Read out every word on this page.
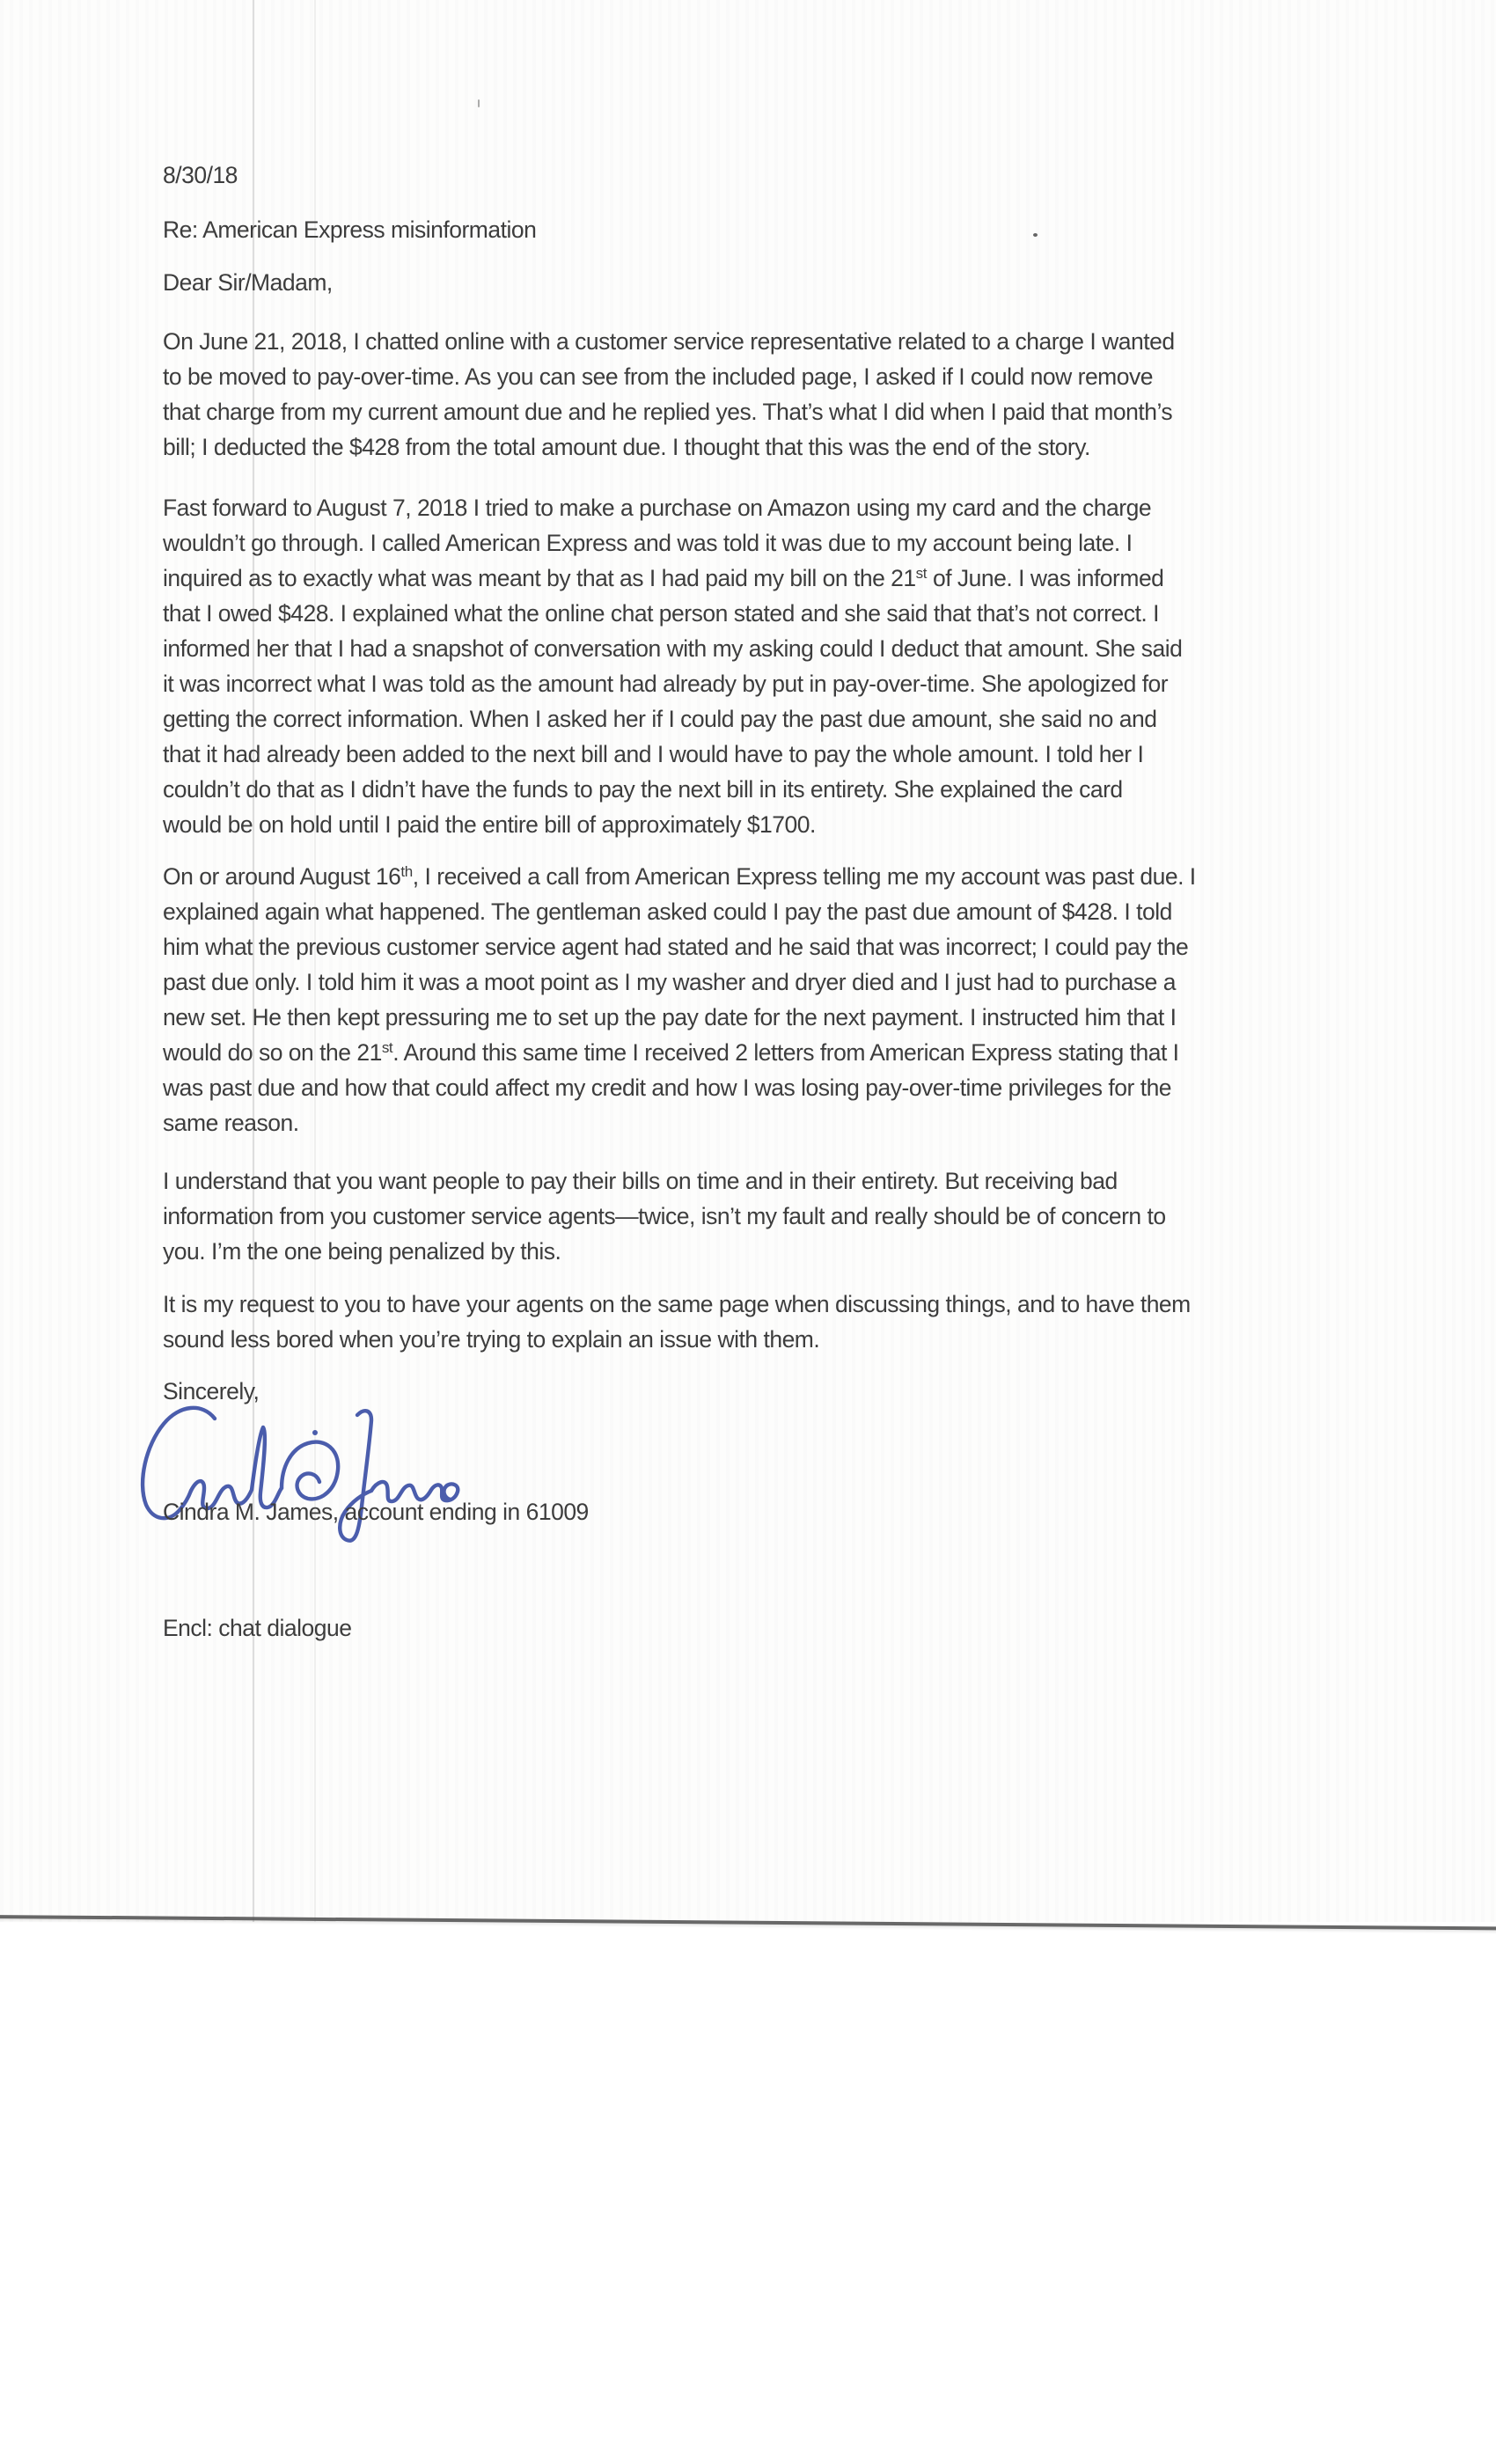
8/30/18
Re: American Express misinformation
Dear Sir/Madam,
On June 21, 2018, I chatted online with a customer service representative related to a charge I wanted
to be moved to pay-over-time. As you can see from the included page, I asked if I could now remove
that charge from my current amount due and he replied yes. That’s what I did when I paid that month’s
bill; I deducted the $428 from the total amount due. I thought that this was the end of the story.
Fast forward to August 7, 2018 I tried to make a purchase on Amazon using my card and the charge
wouldn’t go through. I called American Express and was told it was due to my account being late. I
inquired as to exactly what was meant by that as I had paid my bill on the 21st of June. I was informed
that I owed $428. I explained what the online chat person stated and she said that that’s not correct. I
informed her that I had a snapshot of conversation with my asking could I deduct that amount. She said
it was incorrect what I was told as the amount had already by put in pay-over-time. She apologized for
getting the correct information. When I asked her if I could pay the past due amount, she said no and
that it had already been added to the next bill and I would have to pay the whole amount. I told her I
couldn’t do that as I didn’t have the funds to pay the next bill in its entirety. She explained the card
would be on hold until I paid the entire bill of approximately $1700.
On or around August 16th, I received a call from American Express telling me my account was past due. I
explained again what happened. The gentleman asked could I pay the past due amount of $428. I told
him what the previous customer service agent had stated and he said that was incorrect; I could pay the
past due only. I told him it was a moot point as I my washer and dryer died and I just had to purchase a
new set. He then kept pressuring me to set up the pay date for the next payment. I instructed him that I
would do so on the 21st. Around this same time I received 2 letters from American Express stating that I
was past due and how that could affect my credit and how I was losing pay-over-time privileges for the
same reason.
I understand that you want people to pay their bills on time and in their entirety. But receiving bad
information from you customer service agents—twice, isn’t my fault and really should be of concern to
you. I’m the one being penalized by this.
It is my request to you to have your agents on the same page when discussing things, and to have them
sound less bored when you’re trying to explain an issue with them.
Sincerely,
Cindra M. James, account ending in 61009
Encl: chat dialogue
